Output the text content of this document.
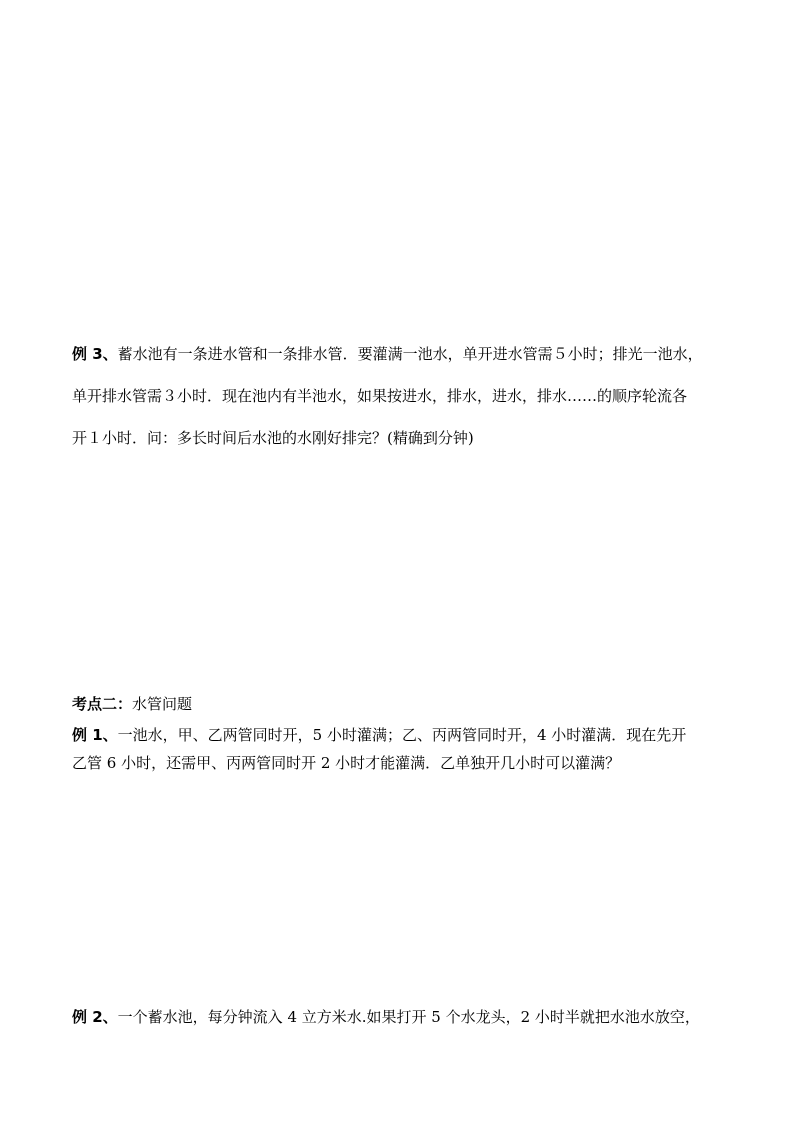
例 3、蓄水池有一条进水管和一条排水管．要灌满一池水，单开进水管需５小时；排光一池水，
单开排水管需３小时．现在池内有半池水，如果按进水，排水，进水，排水……的顺序轮流各
开１小时．问：多长时间后水池的水刚好排完？(精确到分钟)
考点二：水管问题
例 1、一池水，甲、乙两管同时开，5 小时灌满；乙、丙两管同时开，4 小时灌满．现在先开
乙管 6 小时，还需甲、丙两管同时开 2 小时才能灌满．乙单独开几小时可以灌满？
例 2、一个蓄水池，每分钟流入 4 立方米水.如果打开 5 个水龙头，2 小时半就把水池水放空，
